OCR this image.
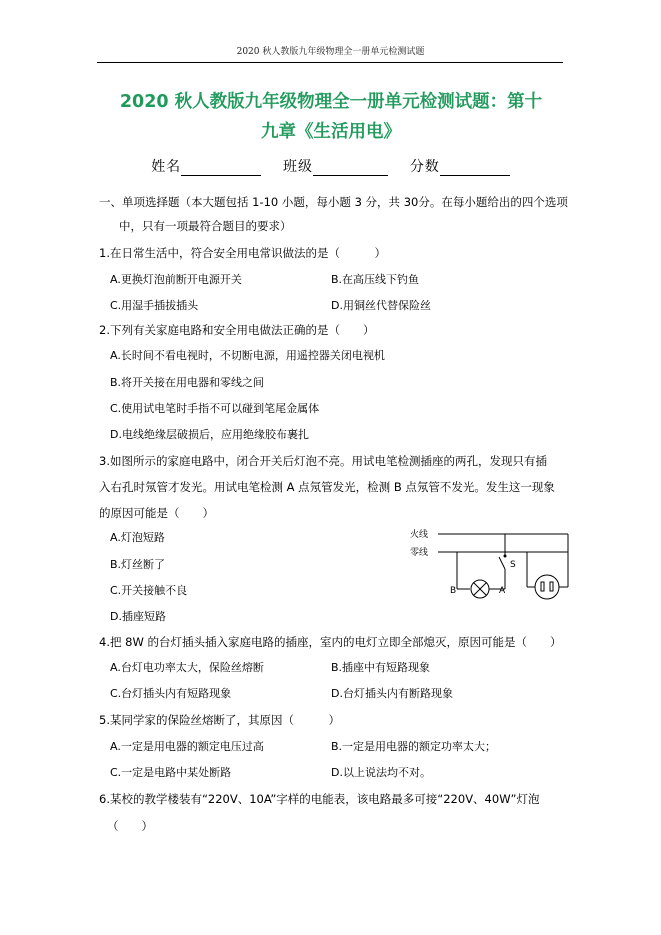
2020 秋人教版九年级物理全一册单元检测试题
2020 秋人教版九年级物理全一册单元检测试题：第十
九章《生活用电》
姓名	班级	分数
一、单项选择题（本大题包括 1-10 小题，每小题 3 分，共 30分。在每小题给出的四个选项
中，只有一项最符合题目的要求）
1.在日常生活中，符合安全用电常识做法的是（　　　）
A.更换灯泡前断开电源开关	B.在高压线下钓鱼
C.用湿手插拔插头	D.用铜丝代替保险丝
2.下列有关家庭电路和安全用电做法正确的是（　　）
A.长时间不看电视时，不切断电源，用遥控器关闭电视机
B.将开关接在用电器和零线之间
C.使用试电笔时手指不可以碰到笔尾金属体
D.电线绝缘层破损后，应用绝缘胶布裹扎
3.如图所示的家庭电路中，闭合开关后灯泡不亮。用试电笔检测插座的两孔，发现只有插
入右孔时氖管才发光。用试电笔检测 A 点氖管发光，检测 B 点氖管不发光。发生这一现象
的原因可能是（　　）
A.灯泡短路
B.灯丝断了
C.开关接触不良
D.插座短路
火线
零线
S
B	A
4.把 8W 的台灯插头插入家庭电路的插座，室内的电灯立即全部熄灭，原因可能是（　　）
A.台灯电功率太大，保险丝熔断	B.插座中有短路现象
C.台灯插头内有短路现象	D.台灯插头内有断路现象
5.某同学家的保险丝熔断了，其原因（　　　）
A.一定是用电器的额定电压过高	B.一定是用电器的额定功率太大；
C.一定是电路中某处断路	D.以上说法均不对。
6.某校的教学楼装有“220V、10A”字样的电能表，该电路最多可接“220V、40W”灯泡
（　　）
